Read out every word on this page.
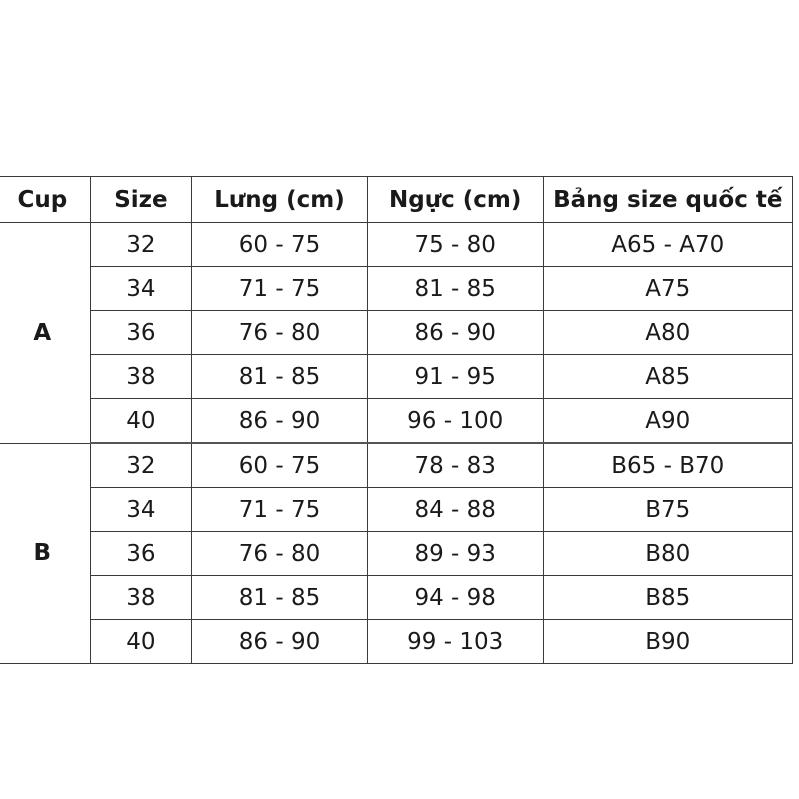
Cup	Size	Lưng (cm)	Ngực (cm)	Bảng size quốc tế
A	32	60 - 75	75 - 80	A65 - A70
	34	71 - 75	81 - 85	A75
	36	76 - 80	86 - 90	A80
	38	81 - 85	91 - 95	A85
	40	86 - 90	96 - 100	A90
B	32	60 - 75	78 - 83	B65 - B70
	34	71 - 75	84 - 88	B75
	36	76 - 80	89 - 93	B80
	38	81 - 85	94 - 98	B85
	40	86 - 90	99 - 103	B90
